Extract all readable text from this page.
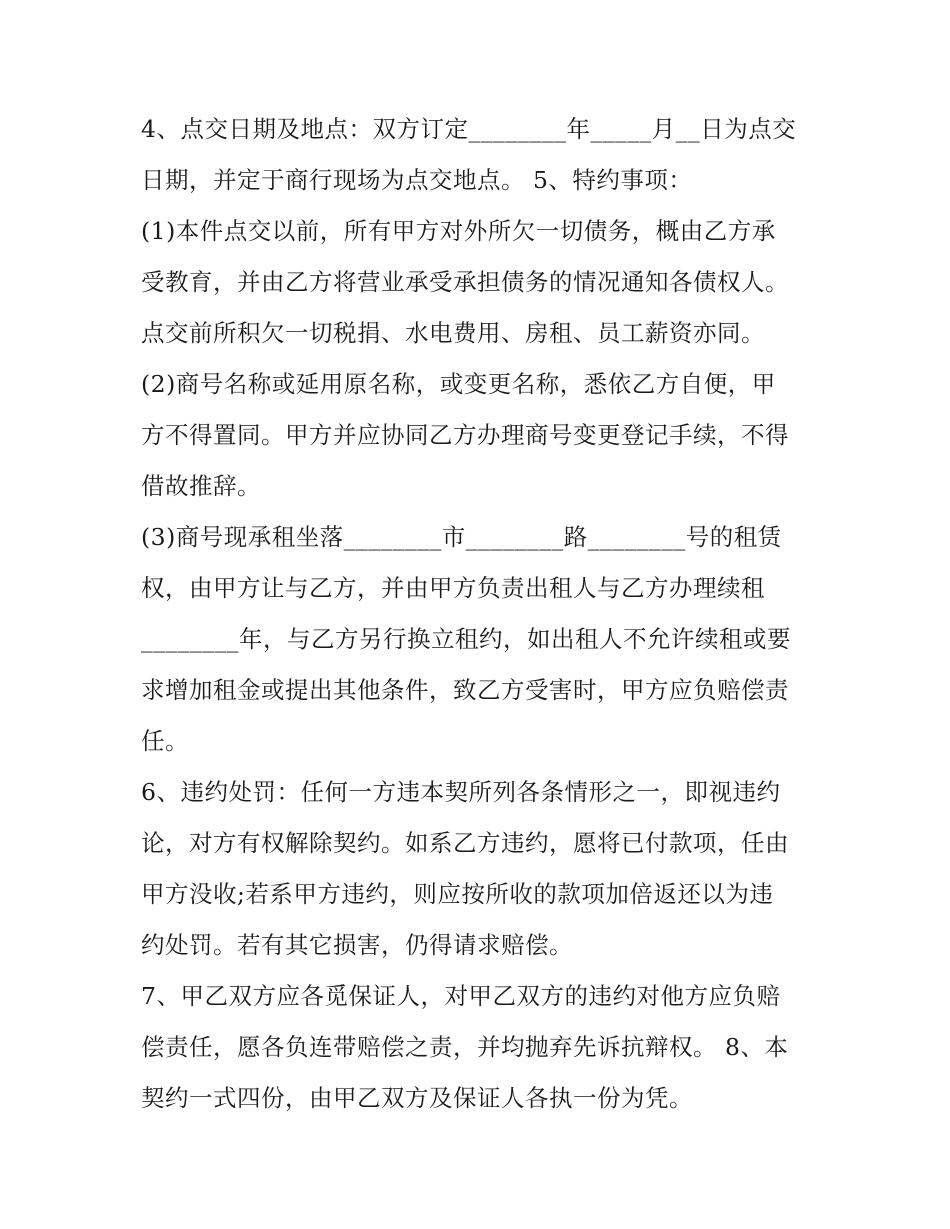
4、点交日期及地点：双方订定________年_____月__日为点交
日期，并定于商行现场为点交地点。 5、特约事项：

(1)本件点交以前，所有甲方对外所欠一切债务，概由乙方承
受教育，并由乙方将营业承受承担债务的情况通知各债权人。
点交前所积欠一切税捐、水电费用、房租、员工薪资亦同。

(2)商号名称或延用原名称，或变更名称，悉依乙方自便，甲
方不得置同。甲方并应协同乙方办理商号变更登记手续，不得
借故推辞。

(3)商号现承租坐落________市________路________号的租赁
权，由甲方让与乙方，并由甲方负责出租人与乙方办理续租
________年，与乙方另行换立租约，如出租人不允许续租或要
求增加租金或提出其他条件，致乙方受害时，甲方应负赔偿责
任。

6、违约处罚：任何一方违本契所列各条情形之一，即视违约
论，对方有权解除契约。如系乙方违约，愿将已付款项，任由
甲方没收;若系甲方违约，则应按所收的款项加倍返还以为违
约处罚。若有其它损害，仍得请求赔偿。

7、甲乙双方应各觅保证人，对甲乙双方的违约对他方应负赔
偿责任，愿各负连带赔偿之责，并均抛弃先诉抗辩权。 8、本
契约一式四份，由甲乙双方及保证人各执一份为凭。
